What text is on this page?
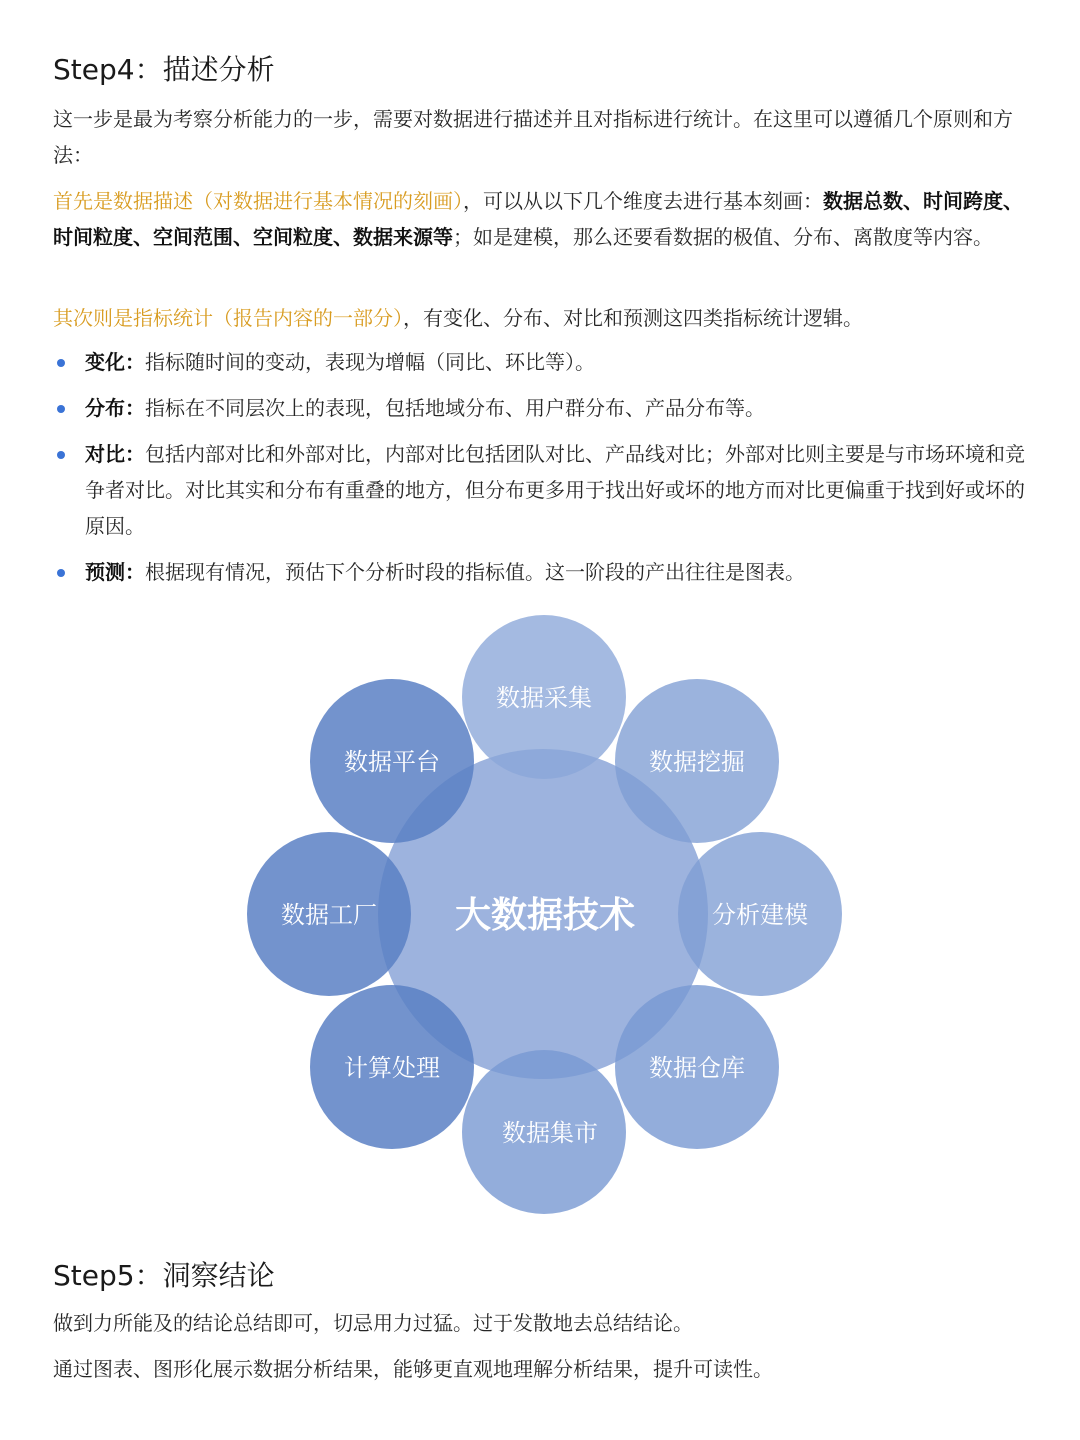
Step4：描述分析

这一步是最为考察分析能力的一步，需要对数据进行描述并且对指标进行统计。在这里可以遵循几个原则和方法：

首先是数据描述（对数据进行基本情况的刻画），可以从以下几个维度去进行基本刻画：数据总数、时间跨度、时间粒度、空间范围、空间粒度、数据来源等；如是建模，那么还要看数据的极值、分布、离散度等内容。

其次则是指标统计（报告内容的一部分），有变化、分布、对比和预测这四类指标统计逻辑。

变化：指标随时间的变动，表现为增幅（同比、环比等）。
分布：指标在不同层次上的表现，包括地域分布、用户群分布、产品分布等。
对比：包括内部对比和外部对比，内部对比包括团队对比、产品线对比；外部对比则主要是与市场环境和竞争者对比。对比其实和分布有重叠的地方，但分布更多用于找出好或坏的地方而对比更偏重于找到好或坏的原因。
预测：根据现有情况，预估下个分析时段的指标值。这一阶段的产出往往是图表。
数据采集
数据挖掘
分析建模
数据仓库
数据集市
计算处理
数据工厂
数据平台
大数据技术
Step5：洞察结论

做到力所能及的结论总结即可，切忌用力过猛。过于发散地去总结结论。

通过图表、图形化展示数据分析结果，能够更直观地理解分析结果，提升可读性。
